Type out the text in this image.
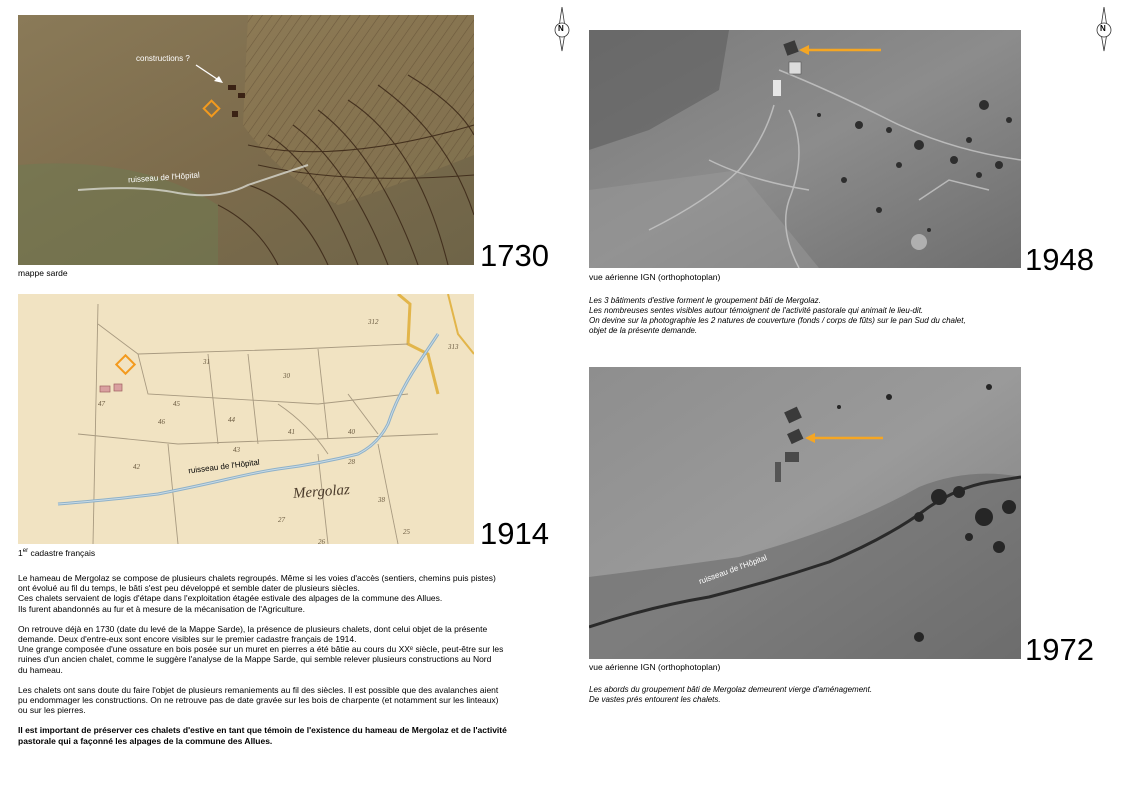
constructions ?
ruisseau de l'Hôpital
1730
mappe sarde
31
30
312
313
45
46	44
41	40
43
42
28
27
25
26
47
38
ruisseau de l'Hôpital
Mergolaz
1914
1er cadastre français

Le hameau de Mergolaz se compose de plusieurs chalets regroupés. Même si les voies d'accès (sentiers, chemins puis pistes)
ont évolué au fil du temps, le bâti s'est peu développé et semble dater de plusieurs siècles.
Ces chalets servaient de logis d'étape dans l'exploitation étagée estivale des alpages de la commune des Allues.
Ils furent abandonnés au fur et à mesure de la mécanisation de l'Agriculture.

On retrouve déjà en 1730 (date du levé de la Mappe Sarde), la présence de plusieurs chalets, dont celui objet de la présente
demande. Deux d'entre-eux sont encore visibles sur le premier cadastre français de 1914.
Une grange composée d'une ossature en bois posée sur un muret en pierres a été bâtie au cours du XXᵉ siècle, peut-être sur les
ruines d'un ancien chalet, comme le suggère l'analyse de la Mappe Sarde, qui semble relever plusieurs constructions au Nord
du hameau.

Les chalets ont sans doute du faire l'objet de plusieurs remaniements au fil des siècles. Il est possible que des avalanches aient
pu endommager les constructions. On ne retrouve pas de date gravée sur les bois de charpente (et notamment sur les linteaux)
ou sur les pierres.

Il est important de préserver ces chalets d'estive en tant que témoin de l'existence du hameau de Mergolaz et de l'activité
pastorale qui a façonné les alpages de la commune des Allues.

N	N
1948
vue aérienne IGN (orthophotoplan)
Les 3 bâtiments d'estive forment le groupement bâti de Mergolaz.
Les nombreuses sentes visibles autour témoignent de l'activité pastorale qui animait le lieu-dit.
On devine sur la photographie les 2 natures de couverture (fonds / corps de fûts) sur le pan Sud du chalet,
objet de la présente demande.
ruisseau de l'Hôpital
1972
vue aérienne IGN (orthophotoplan)
Les abords du groupement bâti de Mergolaz demeurent vierge d'aménagement.
De vastes prés entourent les chalets.
